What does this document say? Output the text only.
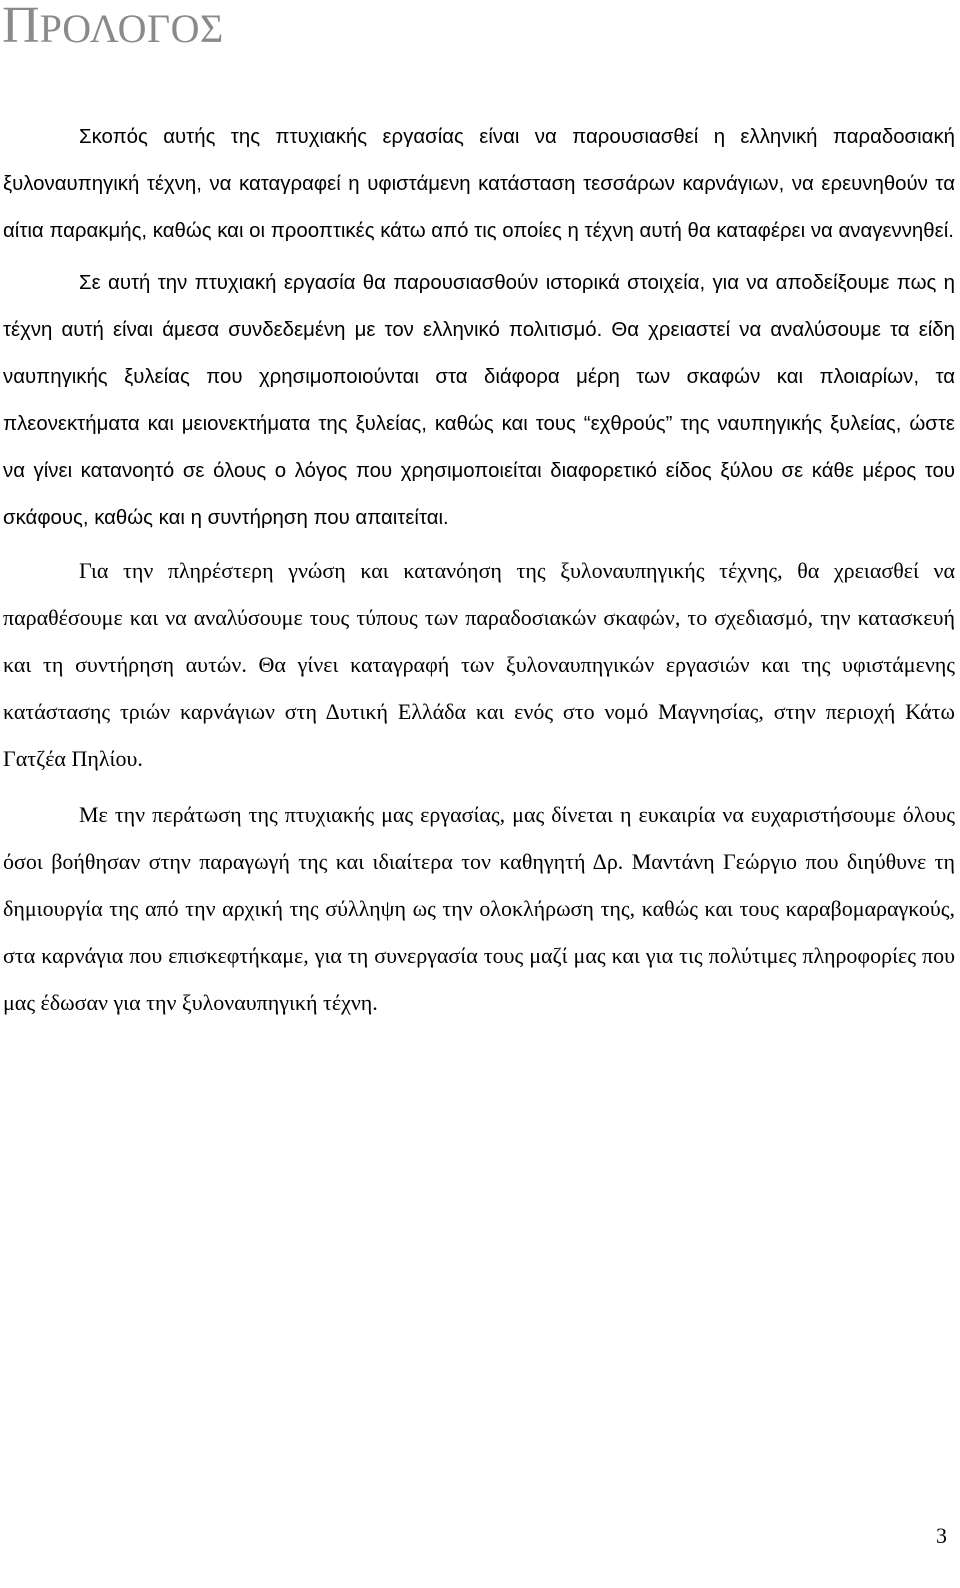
ΠΡΟΛΟΓΟΣ

Σκοπός αυτής της πτυχιακής εργασίας είναι να παρουσιασθεί η ελληνική παραδοσιακή ξυλοναυπηγική τέχνη, να καταγραφεί η υφιστάμενη κατάσταση τεσσάρων καρνάγιων, να ερευνηθούν τα αίτια παρακμής, καθώς και οι προοπτικές κάτω από τις οποίες η τέχνη αυτή θα καταφέρει να αναγεννηθεί.

Σε αυτή την πτυχιακή εργασία θα παρουσιασθούν ιστορικά στοιχεία, για να αποδείξουμε πως η τέχνη αυτή είναι άμεσα συνδεδεμένη με τον ελληνικό πολιτισμό. Θα χρειαστεί να αναλύσουμε τα είδη ναυπηγικής ξυλείας που χρησιμοποιούνται στα διάφορα μέρη των σκαφών και πλοιαρίων, τα πλεονεκτήματα και μειονεκτήματα της ξυλείας, καθώς και τους “εχθρούς” της ναυπηγικής ξυλείας, ώστε να γίνει κατανοητό σε όλους ο λόγος που χρησιμοποιείται διαφορετικό είδος ξύλου σε κάθε μέρος του σκάφους, καθώς και η συντήρηση που απαιτείται.

Για την πληρέστερη γνώση και κατανόηση της ξυλοναυπηγικής τέχνης, θα χρειασθεί να παραθέσουμε και να αναλύσουμε τους τύπους των παραδοσιακών σκαφών, το σχεδιασμό, την κατασκευή και τη συντήρηση αυτών. Θα γίνει καταγραφή των ξυλοναυπηγικών εργασιών και της υφιστάμενης κατάστασης τριών καρνάγιων στη Δυτική Ελλάδα και ενός στο νομό Μαγνησίας, στην περιοχή Κάτω Γατζέα Πηλίου.

Με την περάτωση της πτυχιακής μας εργασίας, μας δίνεται η ευκαιρία να ευχαριστήσουμε όλους όσοι βοήθησαν στην παραγωγή της και ιδιαίτερα τον καθηγητή Δρ. Μαντάνη Γεώργιο που διηύθυνε τη δημιουργία της από την αρχική της σύλληψη ως την ολοκλήρωση της, καθώς και τους καραβομαραγκούς, στα καρνάγια που επισκεφτήκαμε, για τη συνεργασία τους μαζί μας και για τις πολύτιμες πληροφορίες που μας έδωσαν για την ξυλοναυπηγική τέχνη.

3
